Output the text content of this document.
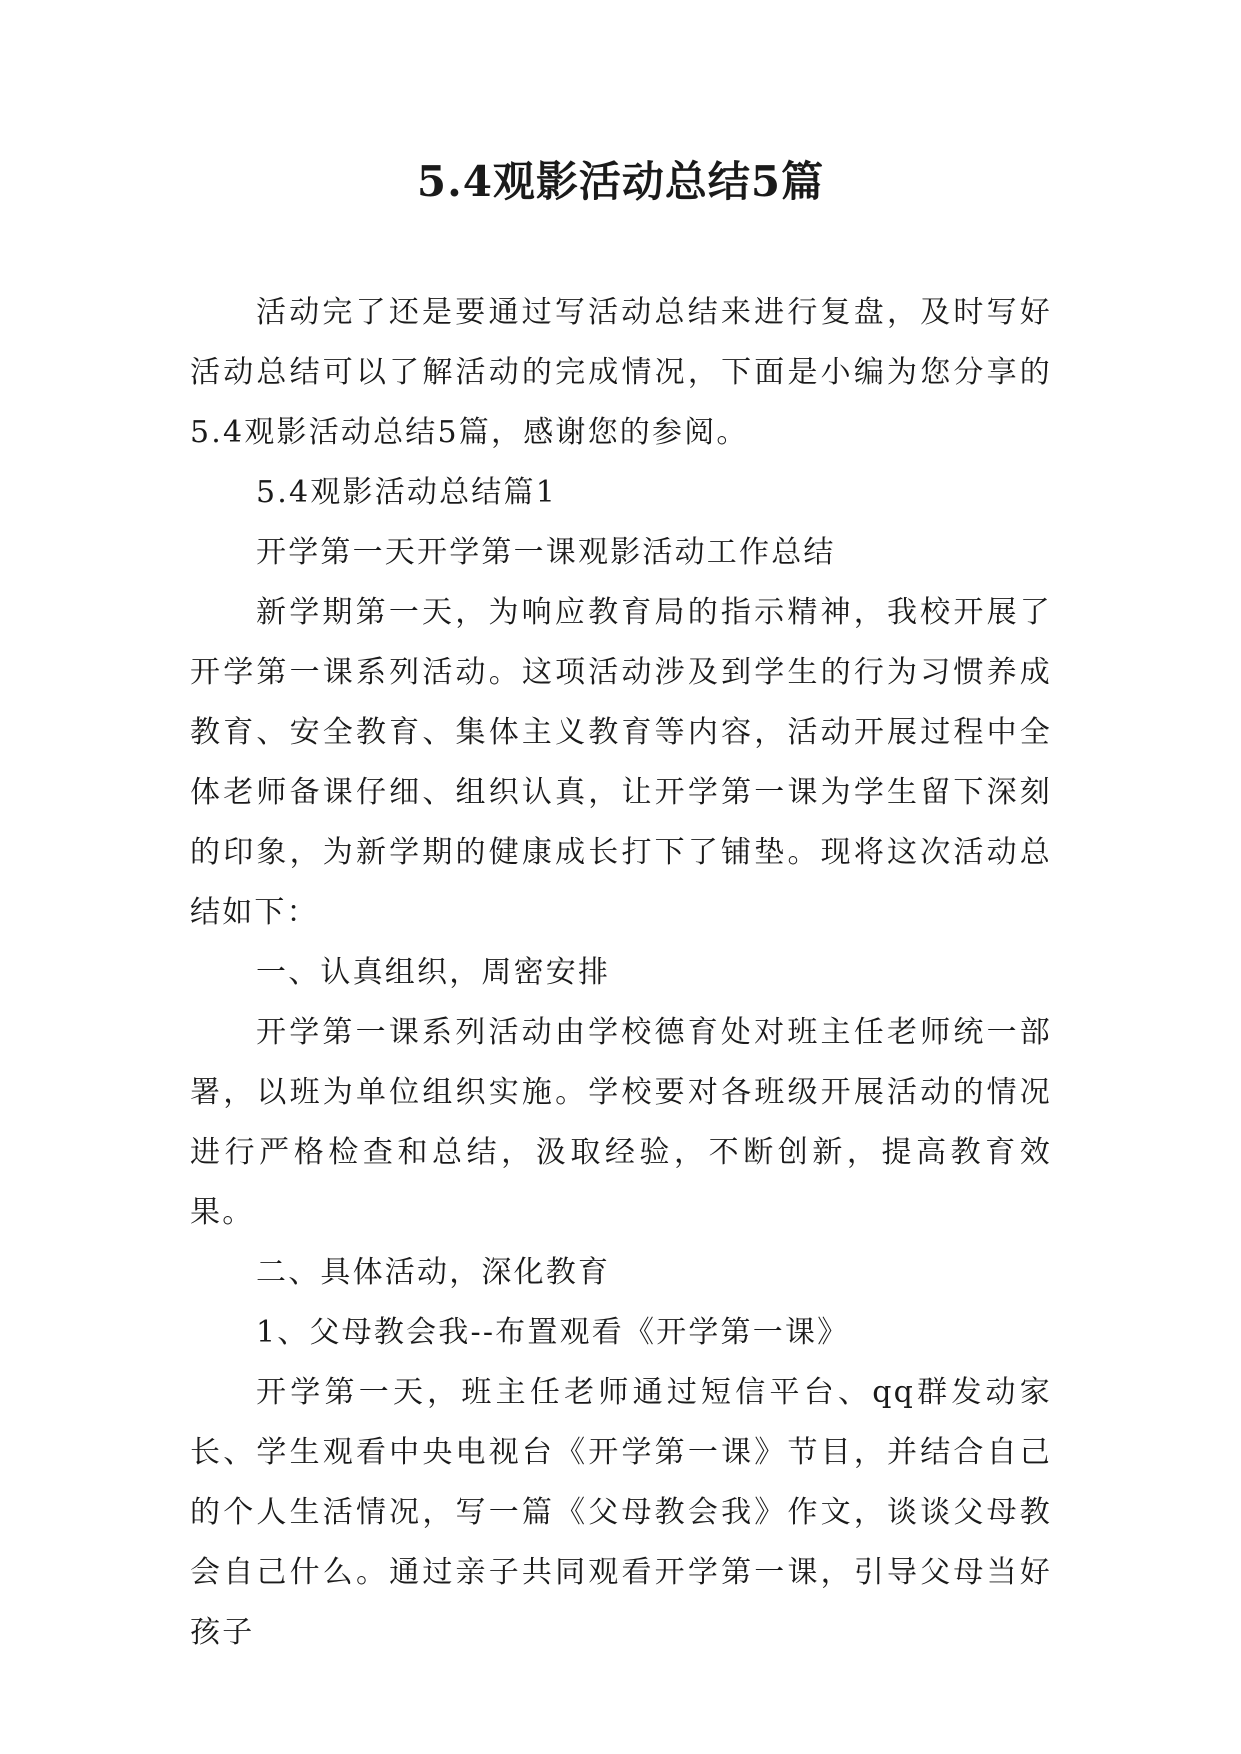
5.4观影活动总结5篇

活动完了还是要通过写活动总结来进行复盘，及时写好活动总结可以了解活动的完成情况，下面是小编为您分享的5.4观影活动总结5篇，感谢您的参阅。

5.4观影活动总结篇1

开学第一天开学第一课观影活动工作总结

新学期第一天，为响应教育局的指示精神，我校开展了开学第一课系列活动。这项活动涉及到学生的行为习惯养成教育、安全教育、集体主义教育等内容，活动开展过程中全体老师备课仔细、组织认真，让开学第一课为学生留下深刻的印象，为新学期的健康成长打下了铺垫。现将这次活动总结如下：

一、认真组织，周密安排

开学第一课系列活动由学校德育处对班主任老师统一部署，以班为单位组织实施。学校要对各班级开展活动的情况进行严格检查和总结，汲取经验，不断创新，提高教育效果。

二、具体活动，深化教育

1、父母教会我--布置观看《开学第一课》

开学第一天，班主任老师通过短信平台、qq群发动家长、学生观看中央电视台《开学第一课》节目，并结合自己的个人生活情况，写一篇《父母教会我》作文，谈谈父母教会自己什么。通过亲子共同观看开学第一课，引导父母当好孩子
